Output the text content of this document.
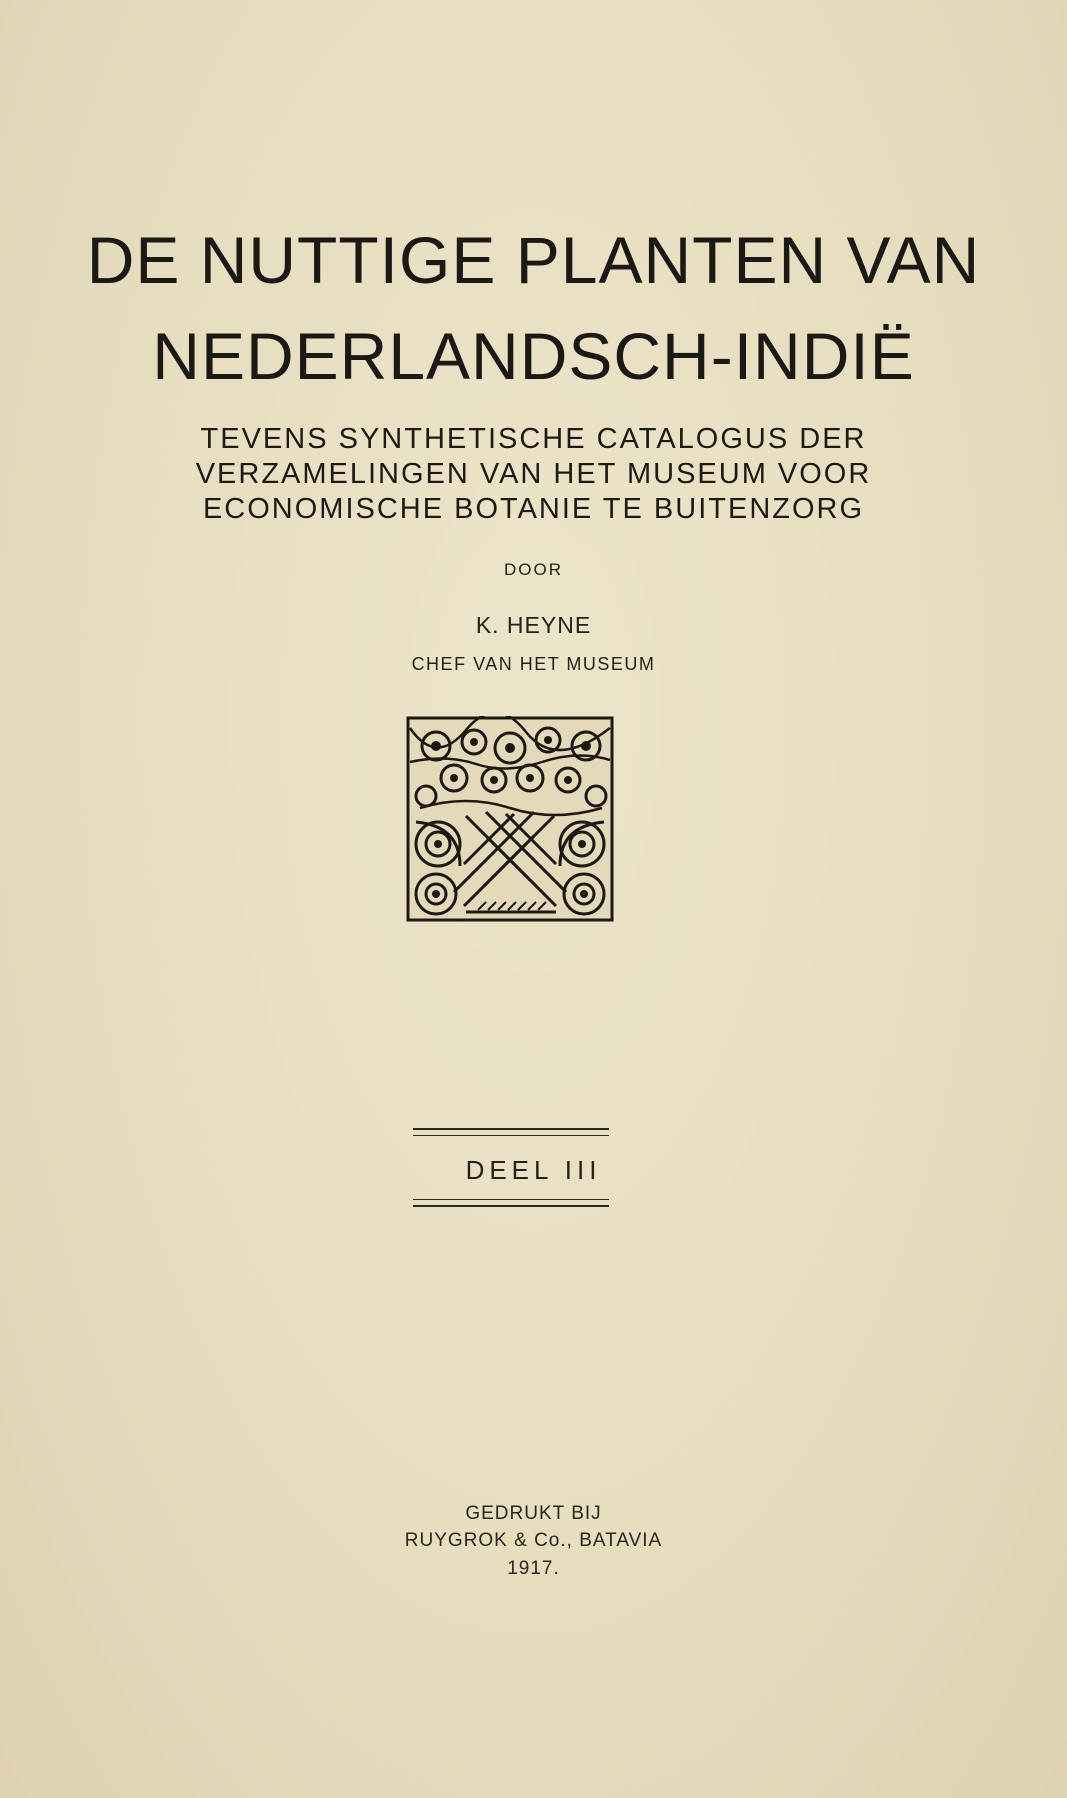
DE NUTTIGE PLANTEN VAN
NEDERLANDSCH-INDIË
TEVENS SYNTHETISCHE CATALOGUS DER
VERZAMELINGEN VAN HET MUSEUM VOOR
ECONOMISCHE BOTANIE TE BUITENZORG
DOOR
K. HEYNE
CHEF VAN HET MUSEUM
DEEL III
GEDRUKT BIJ
RUYGROK & Co., BATAVIA
1917.
